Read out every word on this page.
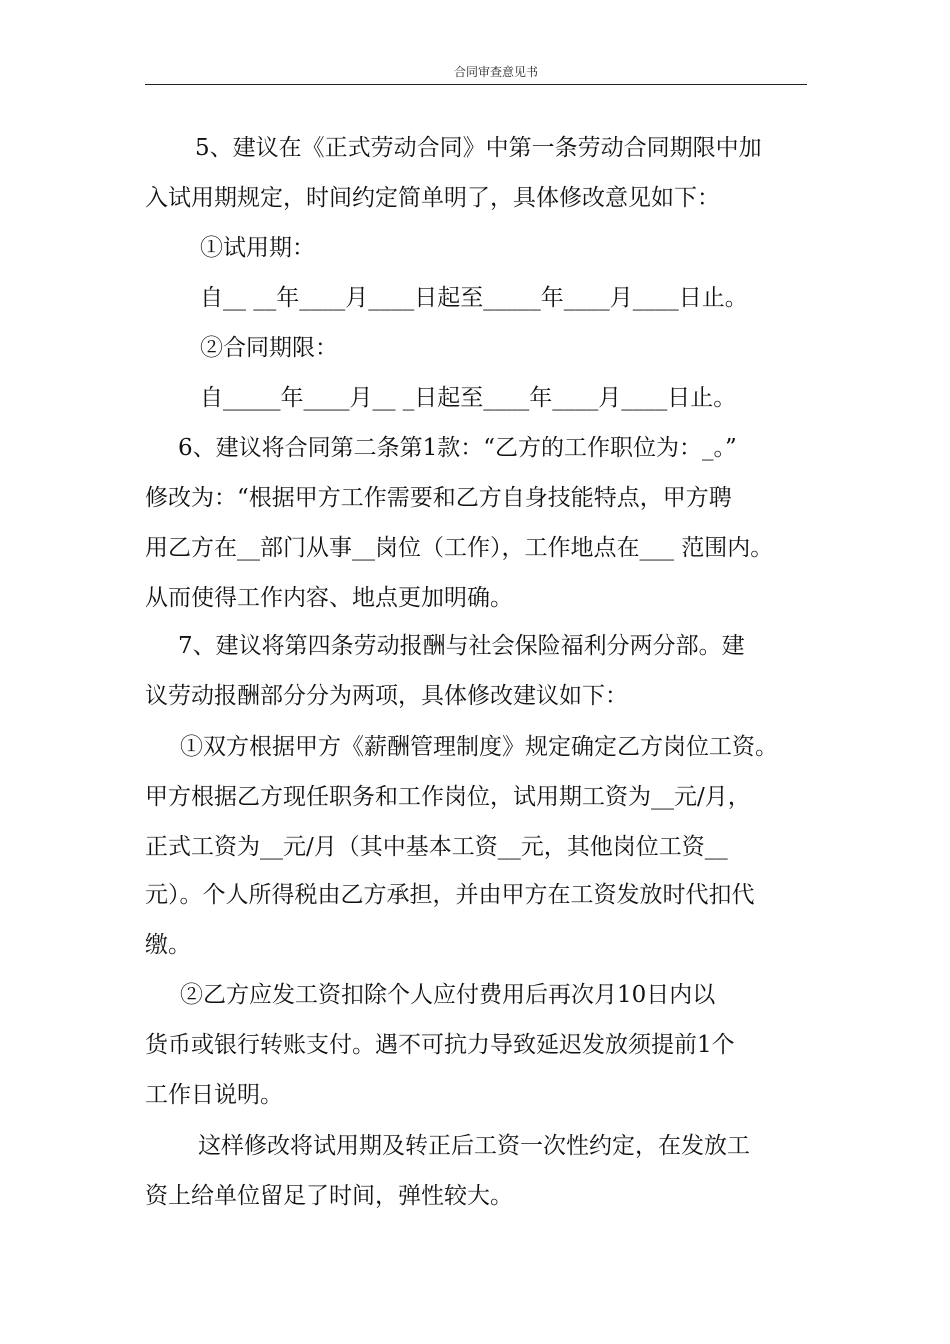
合同审查意见书
5、建议在《正式劳动合同》中第一条劳动合同期限中加
入试用期规定，时间约定简单明了，具体修改意见如下：
①试用期：
自__ __年____月____日起至_____年____月____日止。
②合同期限：
自_____年____月__ _日起至____年____月____日止。
6、建议将合同第二条第1款：“乙方的工作职位为：_。”
修改为：“根据甲方工作需要和乙方自身技能特点，甲方聘
用乙方在__部门从事__岗位（工作），工作地点在___ 范围内。
从而使得工作内容、地点更加明确。
7、建议将第四条劳动报酬与社会保险福利分两分部。建
议劳动报酬部分分为两项，具体修改建议如下：
①双方根据甲方《薪酬管理制度》规定确定乙方岗位工资。
甲方根据乙方现任职务和工作岗位，试用期工资为__元/月，
正式工资为__元/月（其中基本工资__元，其他岗位工资__
元）。个人所得税由乙方承担，并由甲方在工资发放时代扣代
缴。
②乙方应发工资扣除个人应付费用后再次月10日内以
货币或银行转账支付。遇不可抗力导致延迟发放须提前1个
工作日说明。
这样修改将试用期及转正后工资一次性约定，在发放工
资上给单位留足了时间，弹性较大。
